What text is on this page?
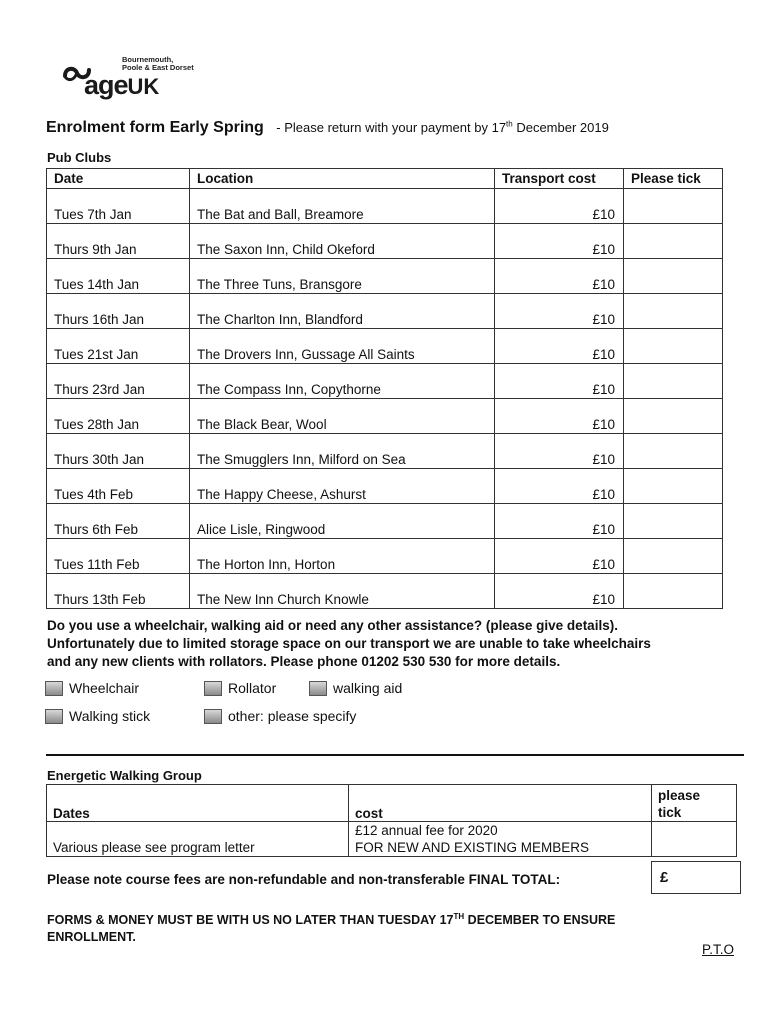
Bournemouth,
Poole & East Dorset
ageUK
Enrolment form Early Spring - Please return with your payment by 17th December 2019
Pub Clubs
Date	Location	Transport cost	Please tick
Tues 7th Jan	The Bat and Ball, Breamore	£10	
Thurs 9th Jan	The Saxon Inn, Child Okeford	£10	
Tues 14th Jan	The Three Tuns, Bransgore	£10	
Thurs 16th Jan	The Charlton Inn, Blandford	£10	
Tues 21st Jan	The Drovers Inn, Gussage All Saints	£10	
Thurs 23rd Jan	The Compass Inn, Copythorne	£10	
Tues 28th Jan	The Black Bear, Wool	£10	
Thurs 30th Jan	The Smugglers Inn, Milford on Sea	£10	
Tues 4th Feb	The Happy Cheese, Ashurst	£10	
Thurs 6th Feb	Alice Lisle, Ringwood	£10	
Tues 11th Feb	The Horton Inn, Horton	£10	
Thurs 13th Feb	The New Inn Church Knowle	£10	
Do you use a wheelchair, walking aid or need any other assistance? (please give details).
Unfortunately due to limited storage space on our transport we are unable to take wheelchairs
and any new clients with rollators. Please phone 01202 530 530 for more details.
Wheelchair	Rollator	walking aid
Walking stick	other: please specify
Energetic Walking Group
Dates	cost	please
tick

Various please see program letter	£12 annual fee for 2020
FOR NEW AND EXISTING MEMBERS	

Please note course fees are non-refundable and non-transferable FINAL TOTAL:	£
FORMS & MONEY MUST BE WITH US NO LATER THAN TUESDAY 17TH DECEMBER TO ENSURE
ENROLLMENT.
P.T.O
